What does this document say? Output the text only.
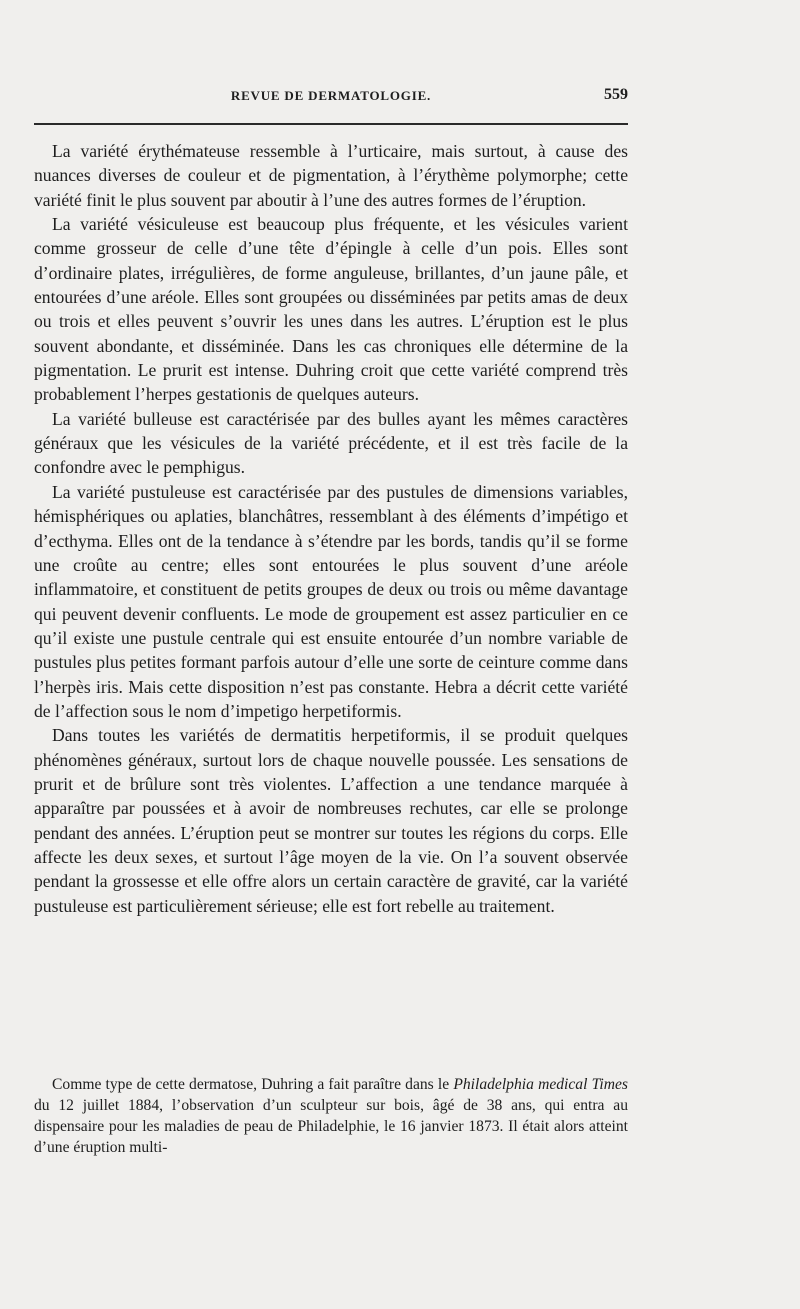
REVUE DE DERMATOLOGIE.	559

La variété érythémateuse ressemble à l’urticaire, mais surtout, à cause des nuances diverses de couleur et de pigmentation, à l’érythème polymorphe; cette variété finit le plus souvent par aboutir à l’une des autres formes de l’éruption.

La variété vésiculeuse est beaucoup plus fréquente, et les vésicules varient comme grosseur de celle d’une tête d’épingle à celle d’un pois. Elles sont d’ordinaire plates, irrégulières, de forme anguleuse, brillantes, d’un jaune pâle, et entourées d’une aréole. Elles sont groupées ou disséminées par petits amas de deux ou trois et elles peuvent s’ouvrir les unes dans les autres. L’éruption est le plus souvent abondante, et disséminée. Dans les cas chroniques elle détermine de la pigmentation. Le prurit est intense. Duhring croit que cette variété comprend très probablement l’herpes gestationis de quelques auteurs.

La variété bulleuse est caractérisée par des bulles ayant les mêmes caractères généraux que les vésicules de la variété précédente, et il est très facile de la confondre avec le pemphigus.

La variété pustuleuse est caractérisée par des pustules de dimensions variables, hémisphériques ou aplaties, blanchâtres, ressemblant à des éléments d’impétigo et d’ecthyma. Elles ont de la tendance à s’étendre par les bords, tandis qu’il se forme une croûte au centre; elles sont entourées le plus souvent d’une aréole inflammatoire, et constituent de petits groupes de deux ou trois ou même davantage qui peuvent devenir confluents. Le mode de groupement est assez particulier en ce qu’il existe une pustule centrale qui est ensuite entourée d’un nombre variable de pustules plus petites formant parfois autour d’elle une sorte de ceinture comme dans l’herpès iris. Mais cette disposition n’est pas constante. Hebra a décrit cette variété de l’affection sous le nom d’impetigo herpetiformis.

Dans toutes les variétés de dermatitis herpetiformis, il se produit quelques phénomènes généraux, surtout lors de chaque nouvelle poussée. Les sensations de prurit et de brûlure sont très violentes. L’affection a une tendance marquée à apparaître par poussées et à avoir de nombreuses rechutes, car elle se prolonge pendant des années. L’éruption peut se montrer sur toutes les régions du corps. Elle affecte les deux sexes, et surtout l’âge moyen de la vie. On l’a souvent observée pendant la grossesse et elle offre alors un certain caractère de gravité, car la variété pustuleuse est particulièrement sérieuse; elle est fort rebelle au traitement.

Comme type de cette dermatose, Duhring a fait paraître dans le Philadelphia medical Times du 12 juillet 1884, l’observation d’un sculpteur sur bois, âgé de 38 ans, qui entra au dispensaire pour les maladies de peau de Philadelphie, le 16 janvier 1873. Il était alors atteint d’une éruption multi-
